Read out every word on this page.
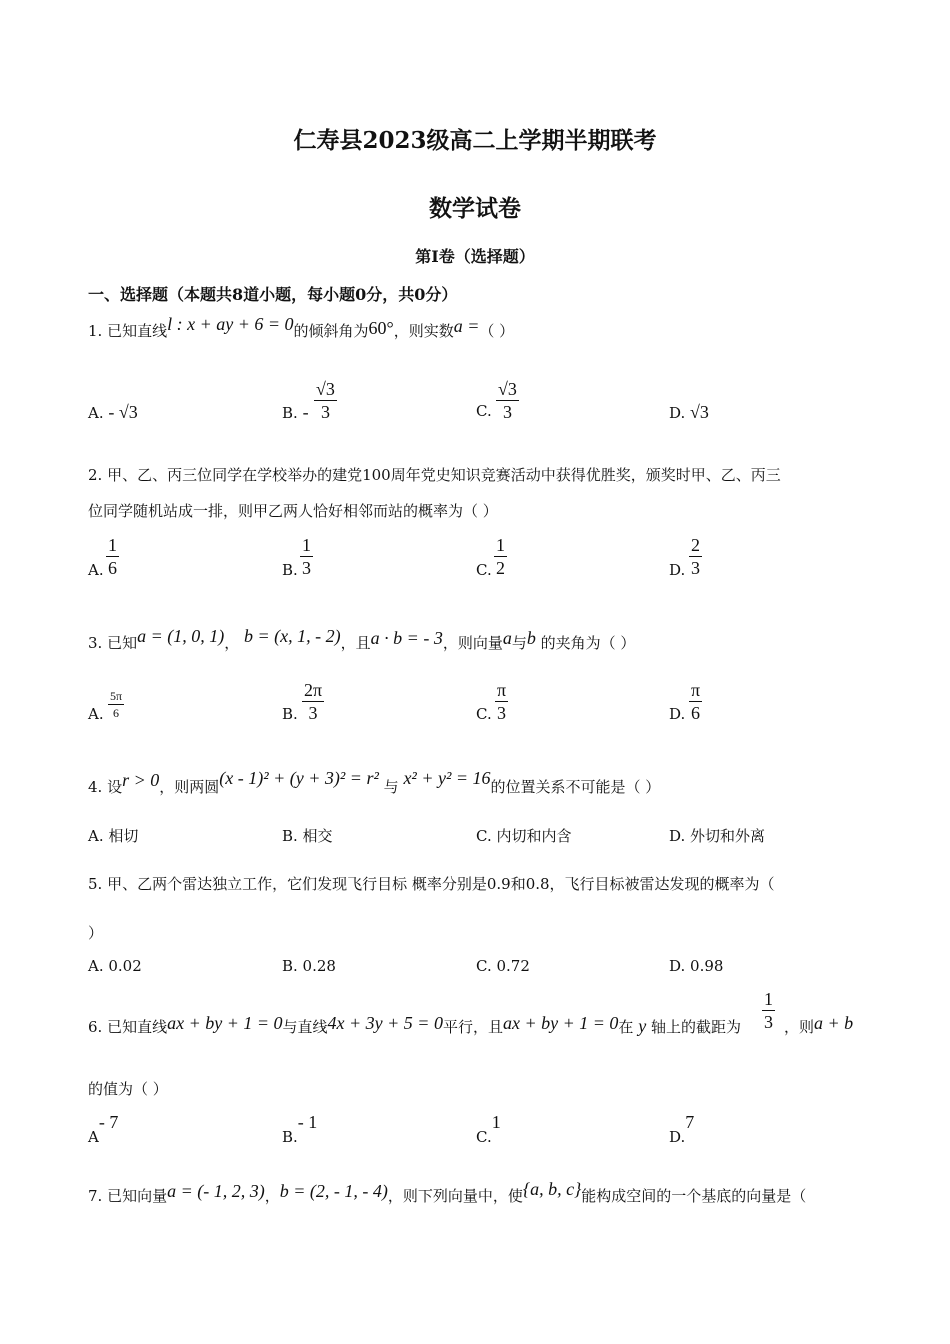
仁寿县2023级高二上学期半期联考
数学试卷
第I卷（选择题）
一、选择题（本题共8道小题，每小题0分，共0分）
1. 已知直线l : x + ay + 6 = 0的倾斜角为60°，则实数a =（ ）
A. - √3	B. - $\frac{√3}{3}$	C. $\frac{√3}{3}$	D. √3
2. 甲、乙、丙三位同学在学校举办的建党100周年党史知识竞赛活动中获得优胜奖，颁奖时甲、乙、丙三
位同学随机站成一排，则甲乙两人恰好相邻而站的概率为（ ）
A. $\frac{1}{6}$	B. $\frac{1}{3}$	C. $\frac{1}{2}$	D. $\frac{2}{3}$
3. 已知a = (1, 0, 1)， b = (x, 1, - 2)，且a · b = - 3，则向量a与b 的夹角为（ ）
A. $\frac{5\pi}{6}$	B. $\frac{2\pi}{3}$	C. $\frac{\pi}{3}$	D. $\frac{\pi}{6}$
4. 设r > 0，则两圆(x - 1)² + (y + 3)² = r² 与 x² + y² = 16的位置关系不可能是（ ）
A. 相切	B. 相交	C. 内切和内含	D. 外切和外离
5. 甲、乙两个雷达独立工作，它们发现飞行目标 概率分别是0.9和0.8，飞行目标被雷达发现的概率为（
）
A. 0.02	B. 0.28	C. 0.72	D. 0.98
6. 已知直线ax + by + 1 = 0与直线4x + 3y + 5 = 0平行，且ax + by + 1 = 0在 y 轴上的截距为 $\frac{1}{3}$ ，则a + b
的值为（ ）
A- 7
B.- 1
C.1
D.7
7. 已知向量a = (- 1, 2, 3)，b = (2, - 1, - 4)，则下列向量中，使{a, b, c}能构成空间的一个基底的向量是（
